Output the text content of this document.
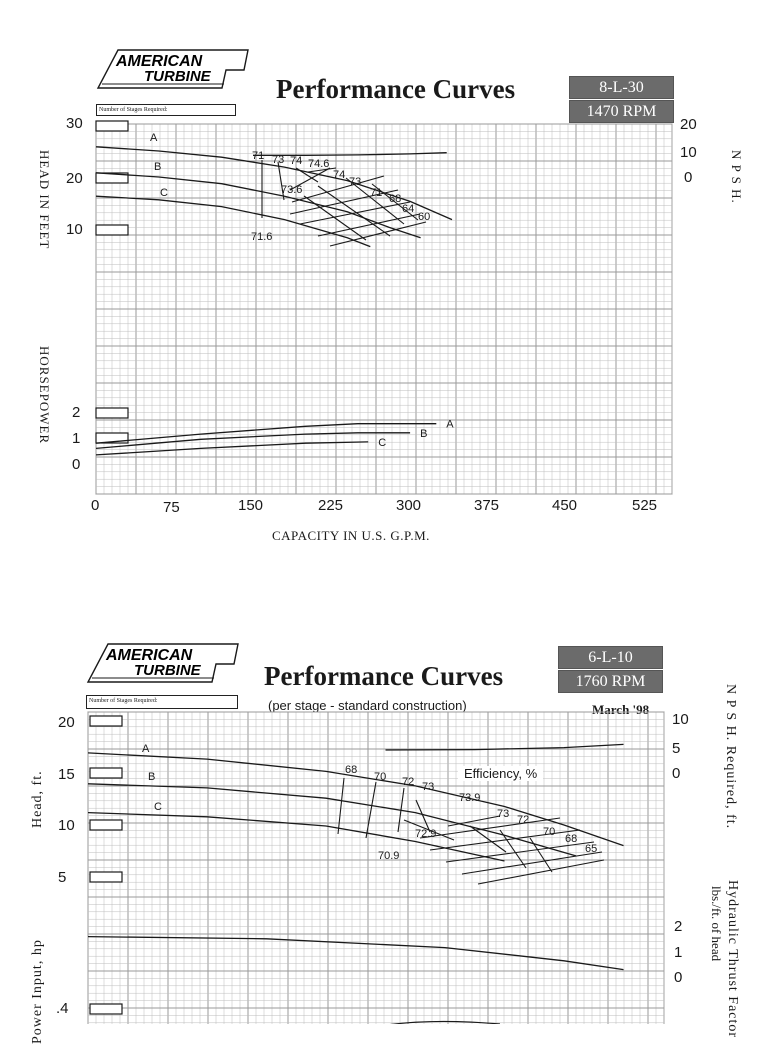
AMERICAN
TURBINE Performance Curves	8-L-30
1470 RPM
Number of Stages Required:
HEAD IN FEET
HORSEPOWER
N P S H.
A
B
C
A
B
C
71 73 74 74.6
74
73
71 68
64
60
73.6
71.6
30
20
10
2
1
0
20
10
0
0	75	150	225	300	375	450	525
CAPACITY IN U.S. G.P.M.
AMERICAN
TURBINE Performance Curves
(per stage - standard construction)	March '98
6-L-10
1760 RPM
Number of Stages Required:
Head, ft.
Power Input, hp
N P S H. Required, ft.
Hydraulic Thrust Factor
lbs./ft. of head
A
B
C
68
70 72 73
73.9
73 72
70
68
65
72.9
70.9
20
15
10
5
.4
10
5
0
2
1
0
Efficiency, %
